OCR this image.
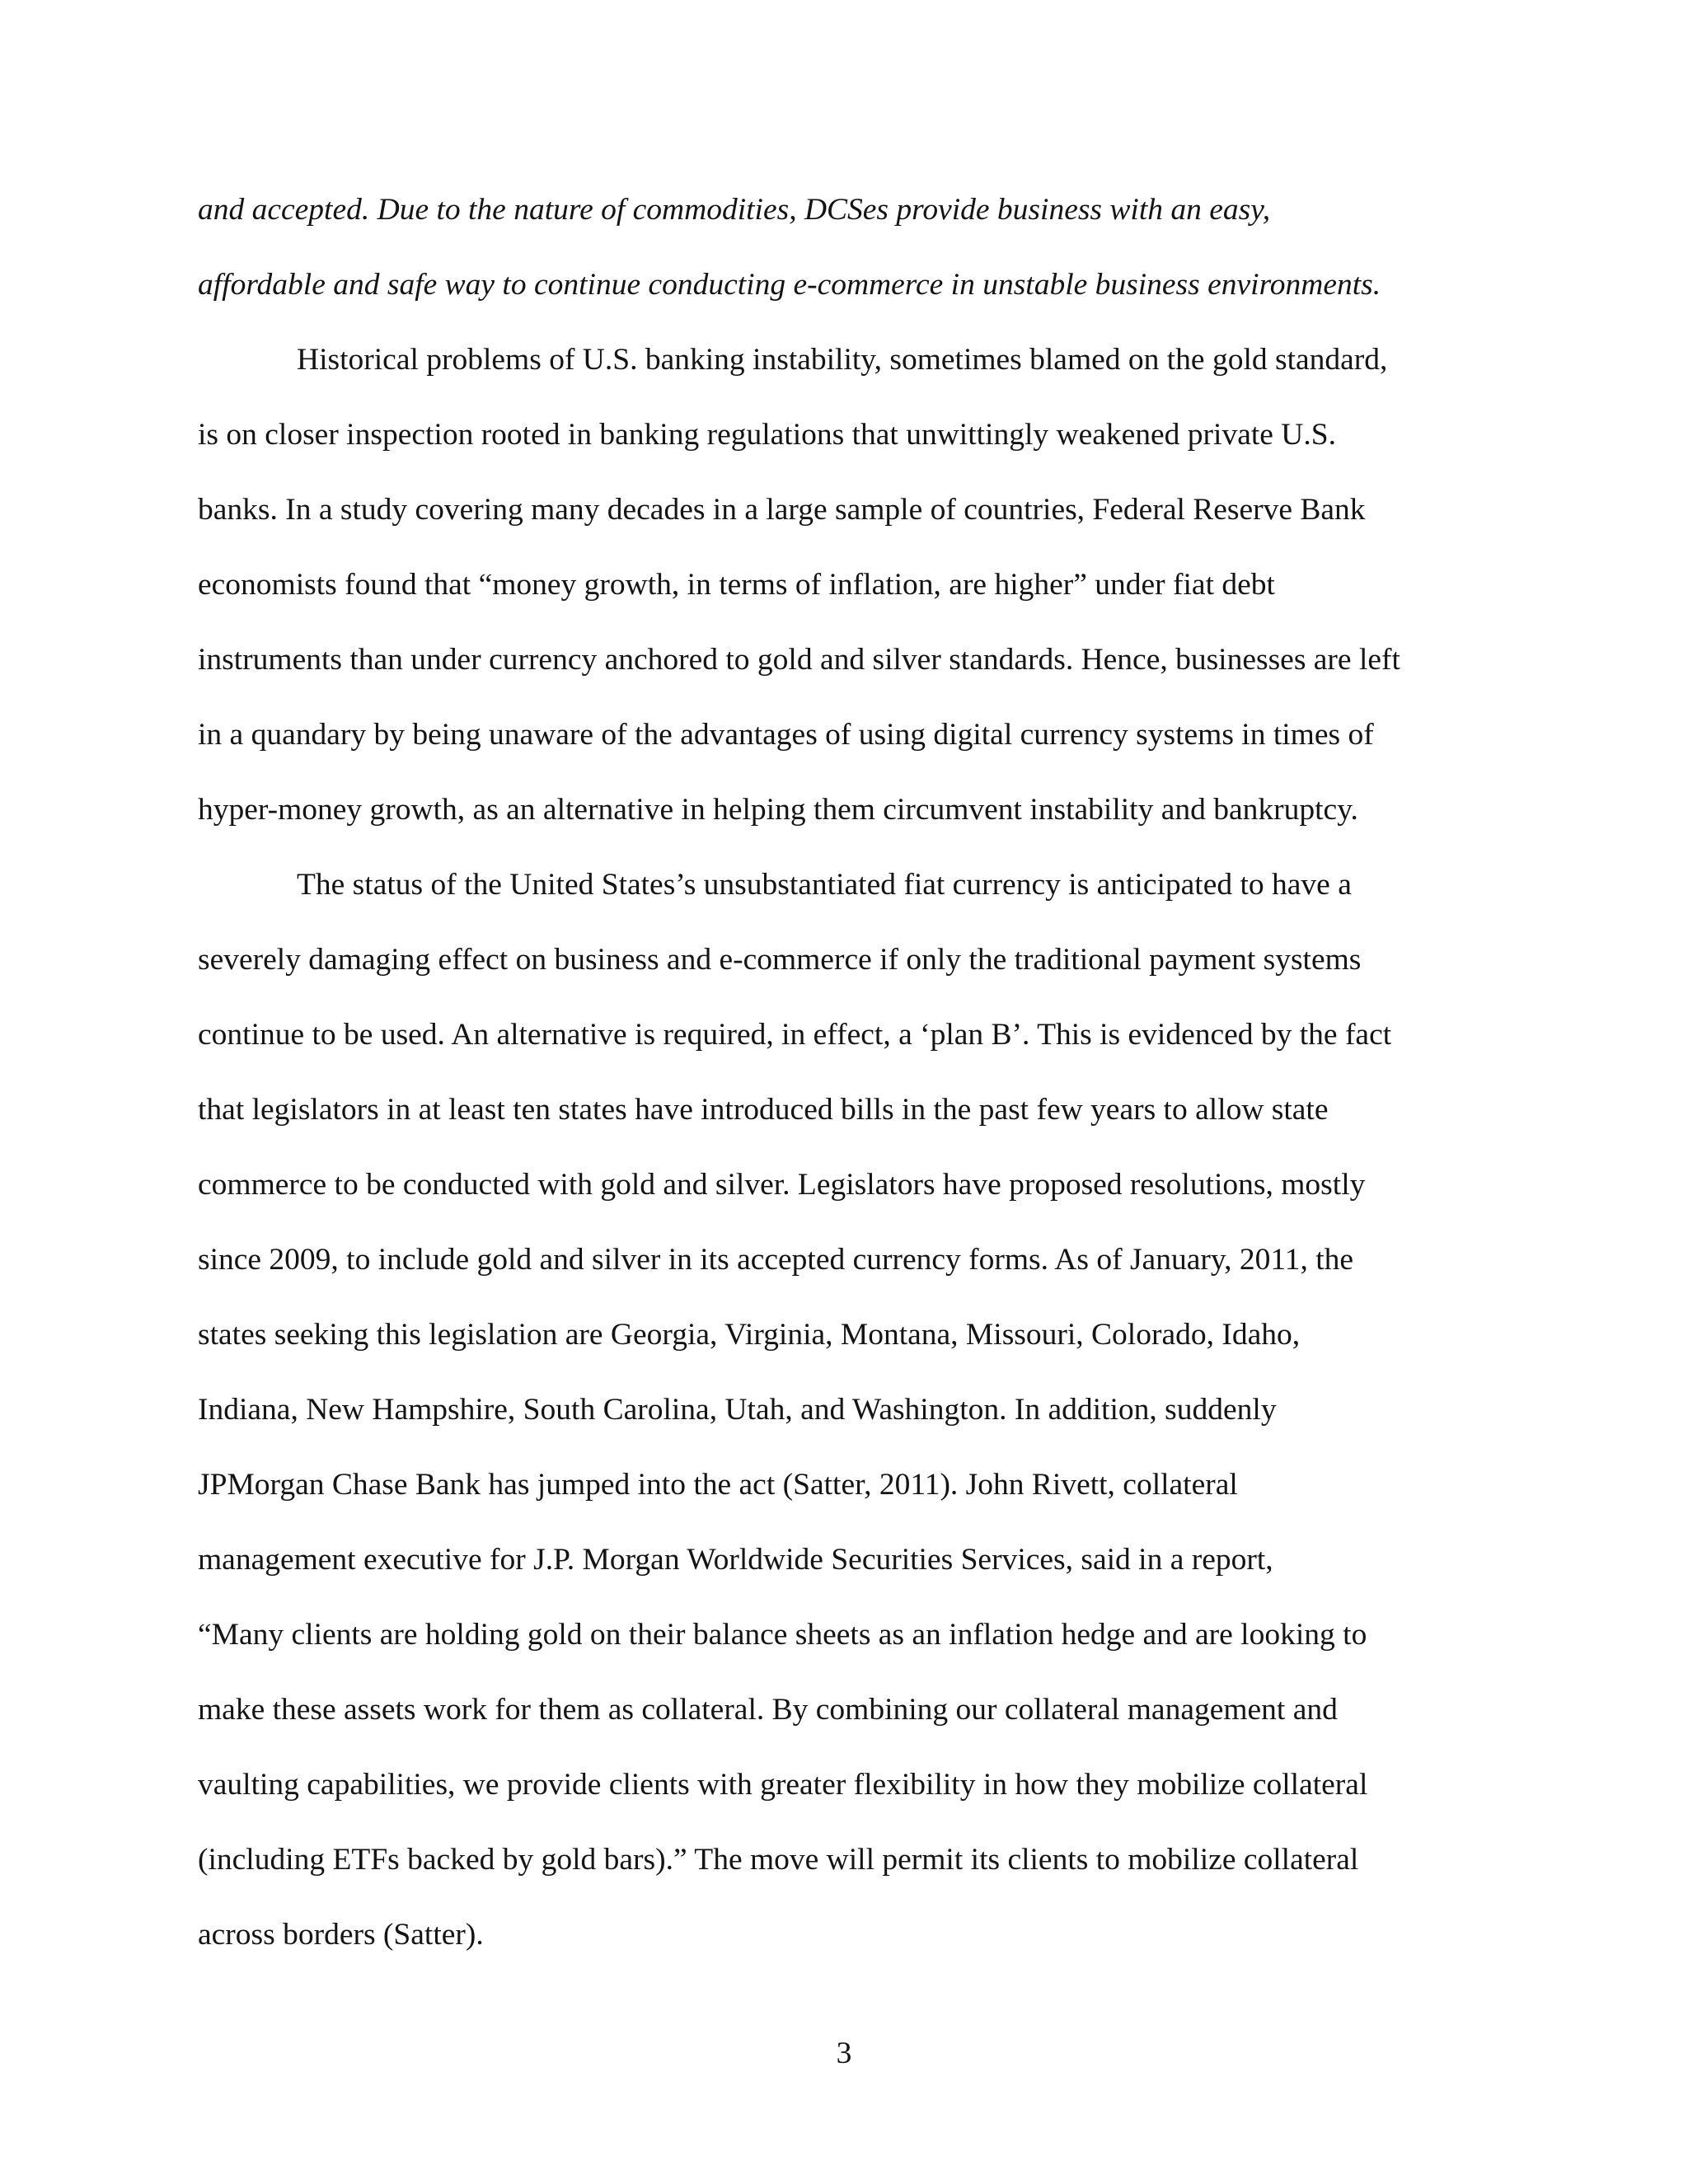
and accepted. Due to the nature of commodities, DCSes provide business with an easy,
affordable and safe way to continue conducting e-commerce in unstable business environments.
Historical problems of U.S. banking instability, sometimes blamed on the gold standard,
is on closer inspection rooted in banking regulations that unwittingly weakened private U.S.
banks. In a study covering many decades in a large sample of countries, Federal Reserve Bank
economists found that “money growth, in terms of inflation, are higher” under fiat debt
instruments than under currency anchored to gold and silver standards. Hence, businesses are left
in a quandary by being unaware of the advantages of using digital currency systems in times of
hyper-money growth, as an alternative in helping them circumvent instability and bankruptcy.
The status of the United States’s unsubstantiated fiat currency is anticipated to have a
severely damaging effect on business and e-commerce if only the traditional payment systems
continue to be used. An alternative is required, in effect, a ‘plan B’. This is evidenced by the fact
that legislators in at least ten states have introduced bills in the past few years to allow state
commerce to be conducted with gold and silver. Legislators have proposed resolutions, mostly
since 2009, to include gold and silver in its accepted currency forms. As of January, 2011, the
states seeking this legislation are Georgia, Virginia, Montana, Missouri, Colorado, Idaho,
Indiana, New Hampshire, South Carolina, Utah, and Washington. In addition, suddenly
JPMorgan Chase Bank has jumped into the act (Satter, 2011). John Rivett, collateral
management executive for J.P. Morgan Worldwide Securities Services, said in a report,
“Many clients are holding gold on their balance sheets as an inflation hedge and are looking to
make these assets work for them as collateral. By combining our collateral management and
vaulting capabilities, we provide clients with greater flexibility in how they mobilize collateral
(including ETFs backed by gold bars).” The move will permit its clients to mobilize collateral
across borders (Satter).
3
